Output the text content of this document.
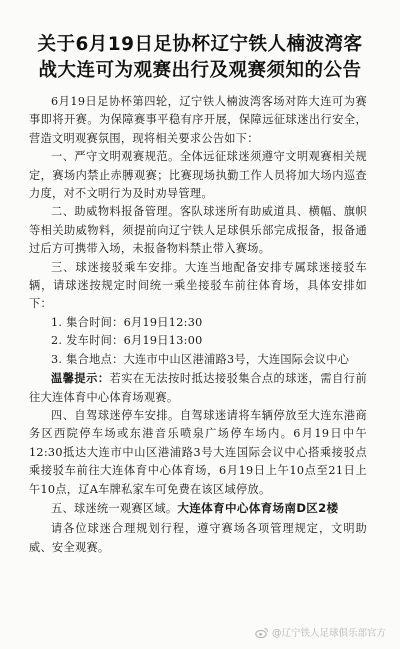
关于6月19日足协杯辽宁铁人楠波湾客
战大连可为观赛出行及观赛须知的公告

6月19日足协杯第四轮，辽宁铁人楠波湾客场对阵大连可为赛事即将开赛。为保障赛事平稳有序开展，保障远征球迷出行安全，营造文明观赛氛围，现将相关要求公告如下：

一、严守文明观赛规范。全体远征球迷须遵守文明观赛相关规定，赛场内禁止赤膊观赛；比赛现场执勤工作人员将加大场内巡查力度，对不文明行为及时劝导管理。

二、助威物料报备管理。客队球迷所有助威道具、横幅、旗帜等相关助威物料，须提前向辽宁铁人足球俱乐部完成报备，报备通过后方可携带入场，未报备物料禁止带入赛场。

三、球迷接驳乘车安排。大连当地配备安排专属球迷接驳车辆，请球迷按规定时间统一乘坐接驳车前往体育场，具体安排如下：

1. 集合时间：6月19日12:30
2. 发车时间：6月19日13:00
3. 集合地点：大连市中山区港浦路3号，大连国际会议中心

温馨提示：若实在无法按时抵达接驳集合点的球迷，需自行前往大连体育中心体育场观赛。

四、自驾球迷停车安排。自驾球迷请将车辆停放至大连东港商务区西院停车场或东港音乐喷泉广场停车场内。6月19日中午12:30抵达大连市中山区港浦路3号大连国际会议中心搭乘接驳点乘接驳车前往大连体育中心体育场，6月19日上午10点至21日上午10点，辽A车牌私家车可免费在该区域停放。

五、球迷统一观赛区域。大连体育中心体育场南D区2楼

请各位球迷合理规划行程，遵守赛场各项管理规定，文明助威、安全观赛。

@辽宁铁人足球俱乐部官方
